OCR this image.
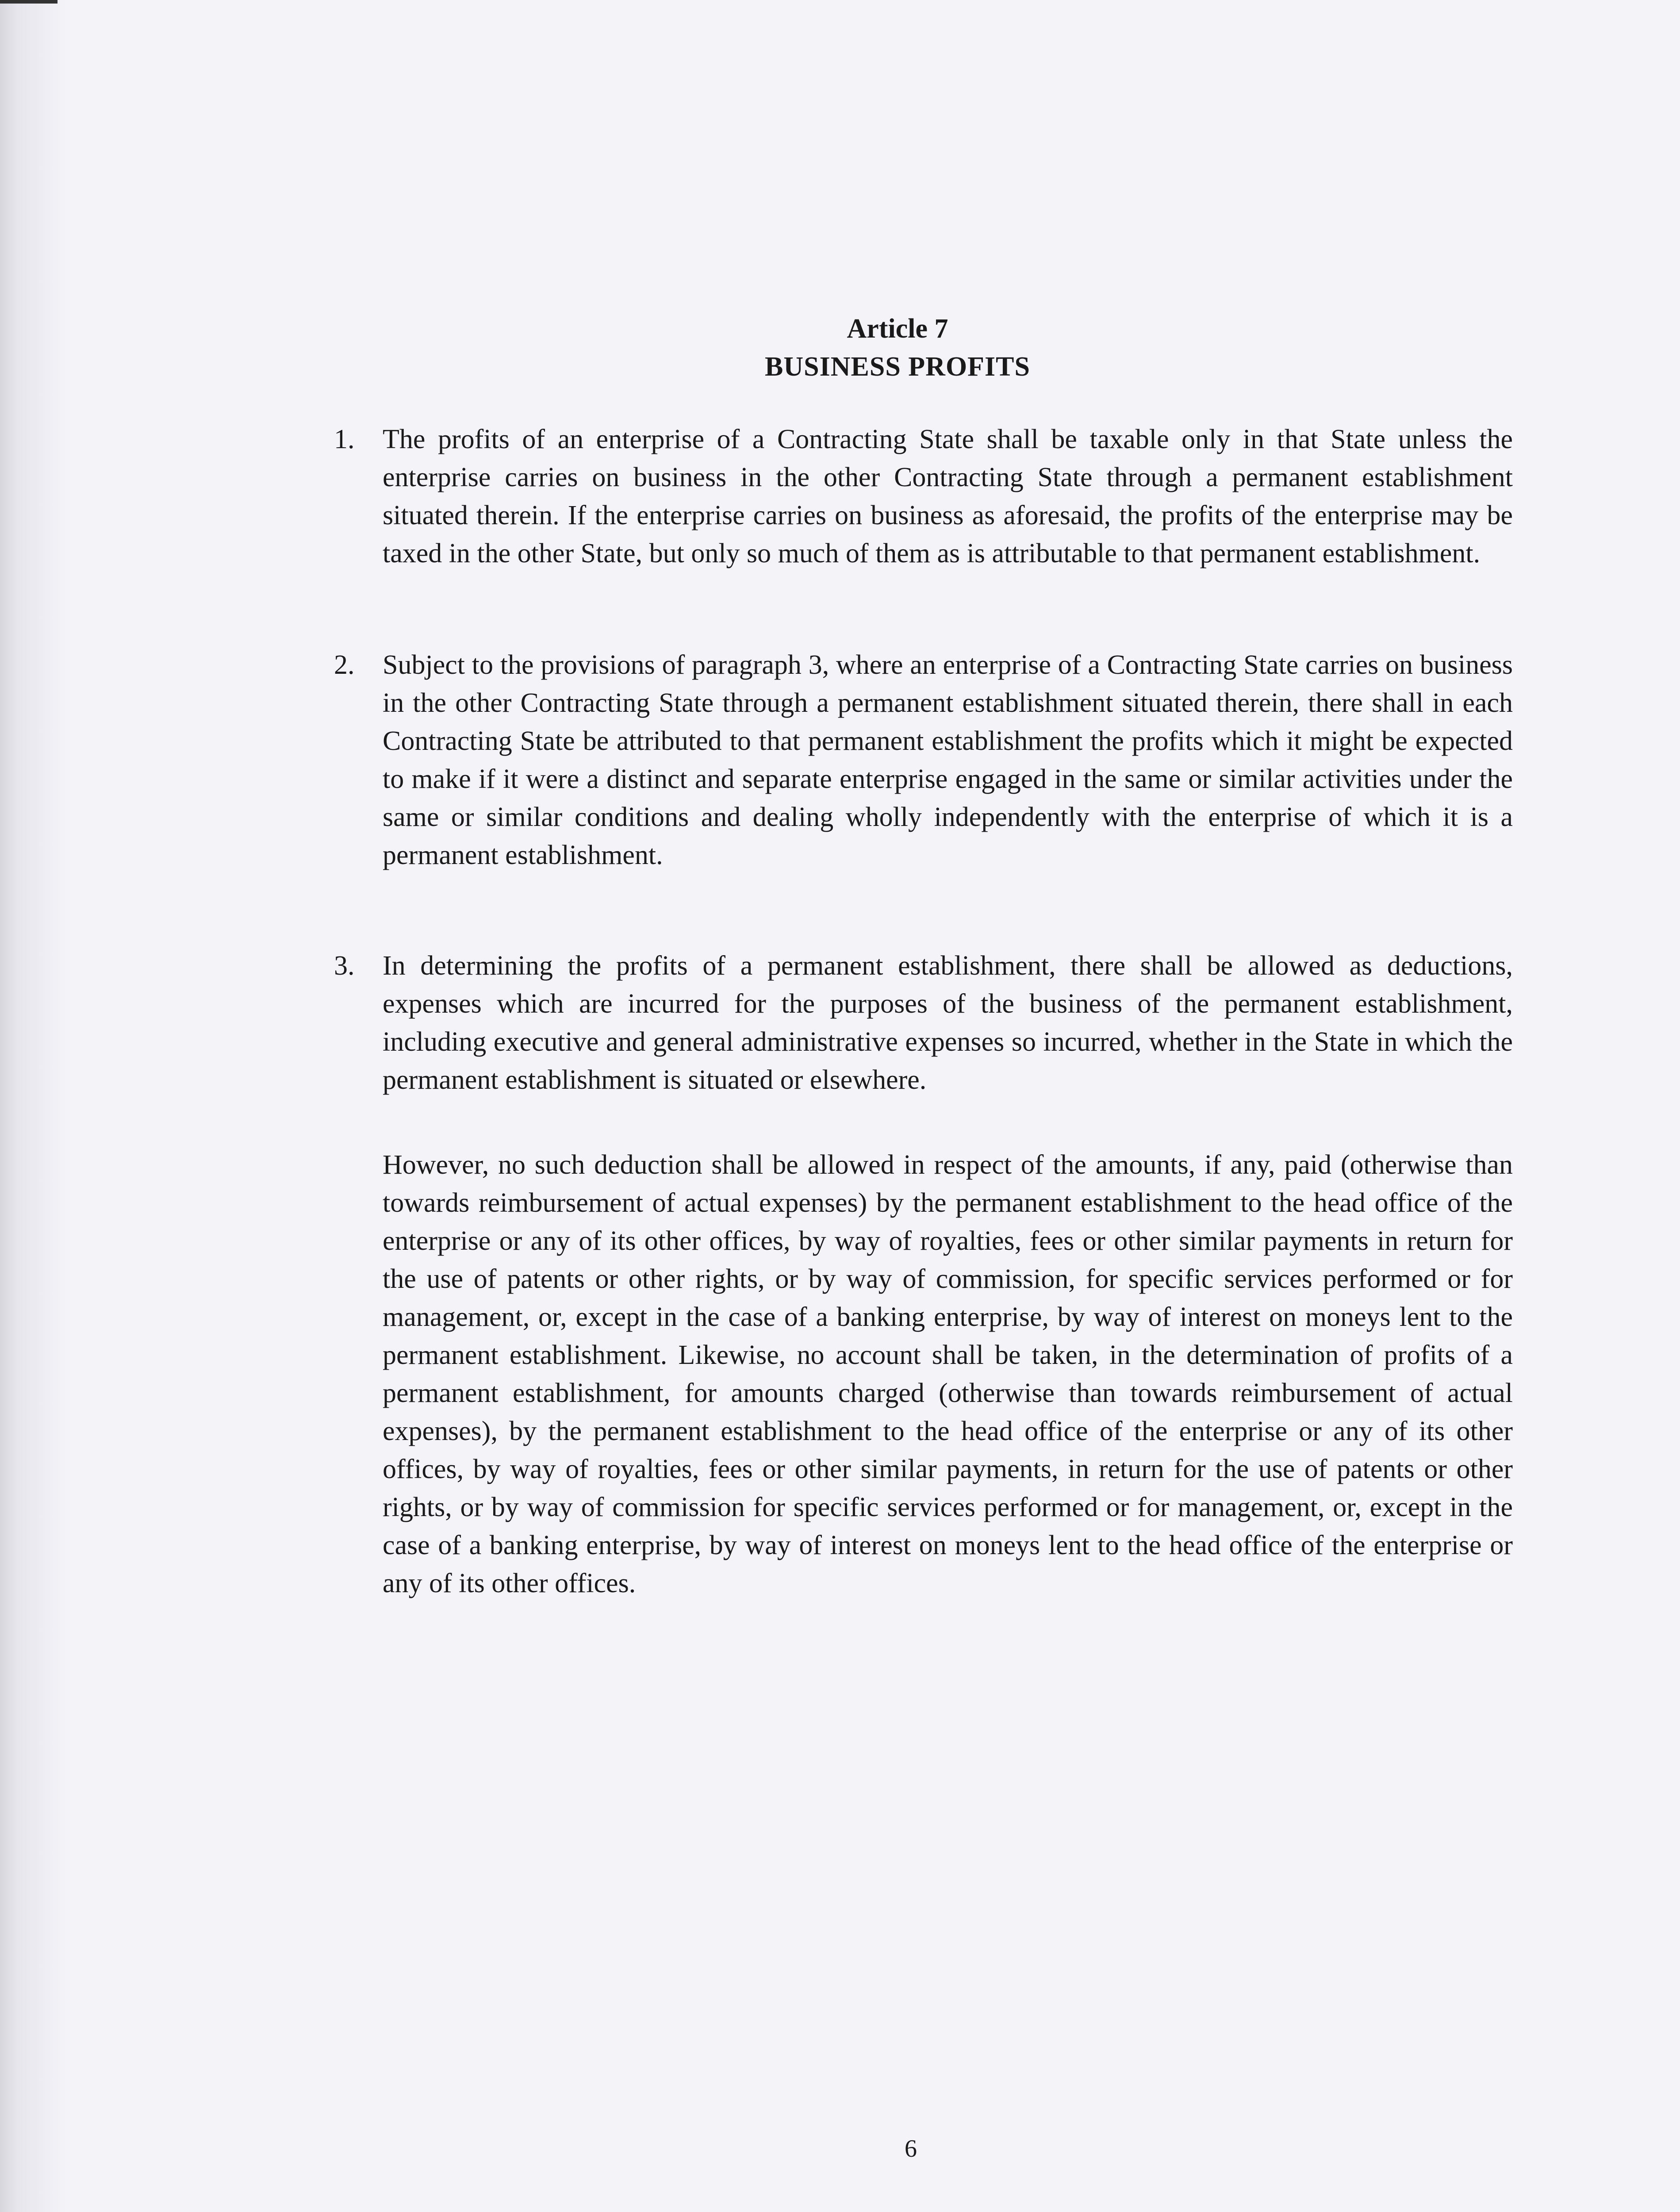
Article 7
BUSINESS PROFITS
1. The profits of an enterprise of a Contracting State shall be taxable only in that State unless the enterprise carries on business in the other Contracting State through a permanent establishment situated therein. If the enterprise carries on business as aforesaid, the profits of the enterprise may be taxed in the other State, but only so much of them as is attributable to that permanent establishment.
2. Subject to the provisions of paragraph 3, where an enterprise of a Contracting State carries on business in the other Contracting State through a permanent establishment situated therein, there shall in each Contracting State be attributed to that permanent establishment the profits which it might be expected to make if it were a distinct and separate enterprise engaged in the same or similar activities under the same or similar conditions and dealing wholly independently with the enterprise of which it is a permanent establishment.
3. In determining the profits of a permanent establishment, there shall be allowed as deductions, expenses which are incurred for the purposes of the business of the permanent establishment, including executive and general administrative expenses so incurred, whether in the State in which the permanent establishment is situated or elsewhere.
However, no such deduction shall be allowed in respect of the amounts, if any, paid (otherwise than towards reimbursement of actual expenses) by the permanent establishment to the head office of the enterprise or any of its other offices, by way of royalties, fees or other similar payments in return for the use of patents or other rights, or by way of commission, for specific services performed or for management, or, except in the case of a banking enterprise, by way of interest on moneys lent to the permanent establishment. Likewise, no account shall be taken, in the determination of profits of a permanent establishment, for amounts charged (otherwise than towards reimbursement of actual expenses), by the permanent establishment to the head office of the enterprise or any of its other offices, by way of royalties, fees or other similar payments, in return for the use of patents or other rights, or by way of commission for specific services performed or for management, or, except in the case of a banking enterprise, by way of interest on moneys lent to the head office of the enterprise or any of its other offices.
6
